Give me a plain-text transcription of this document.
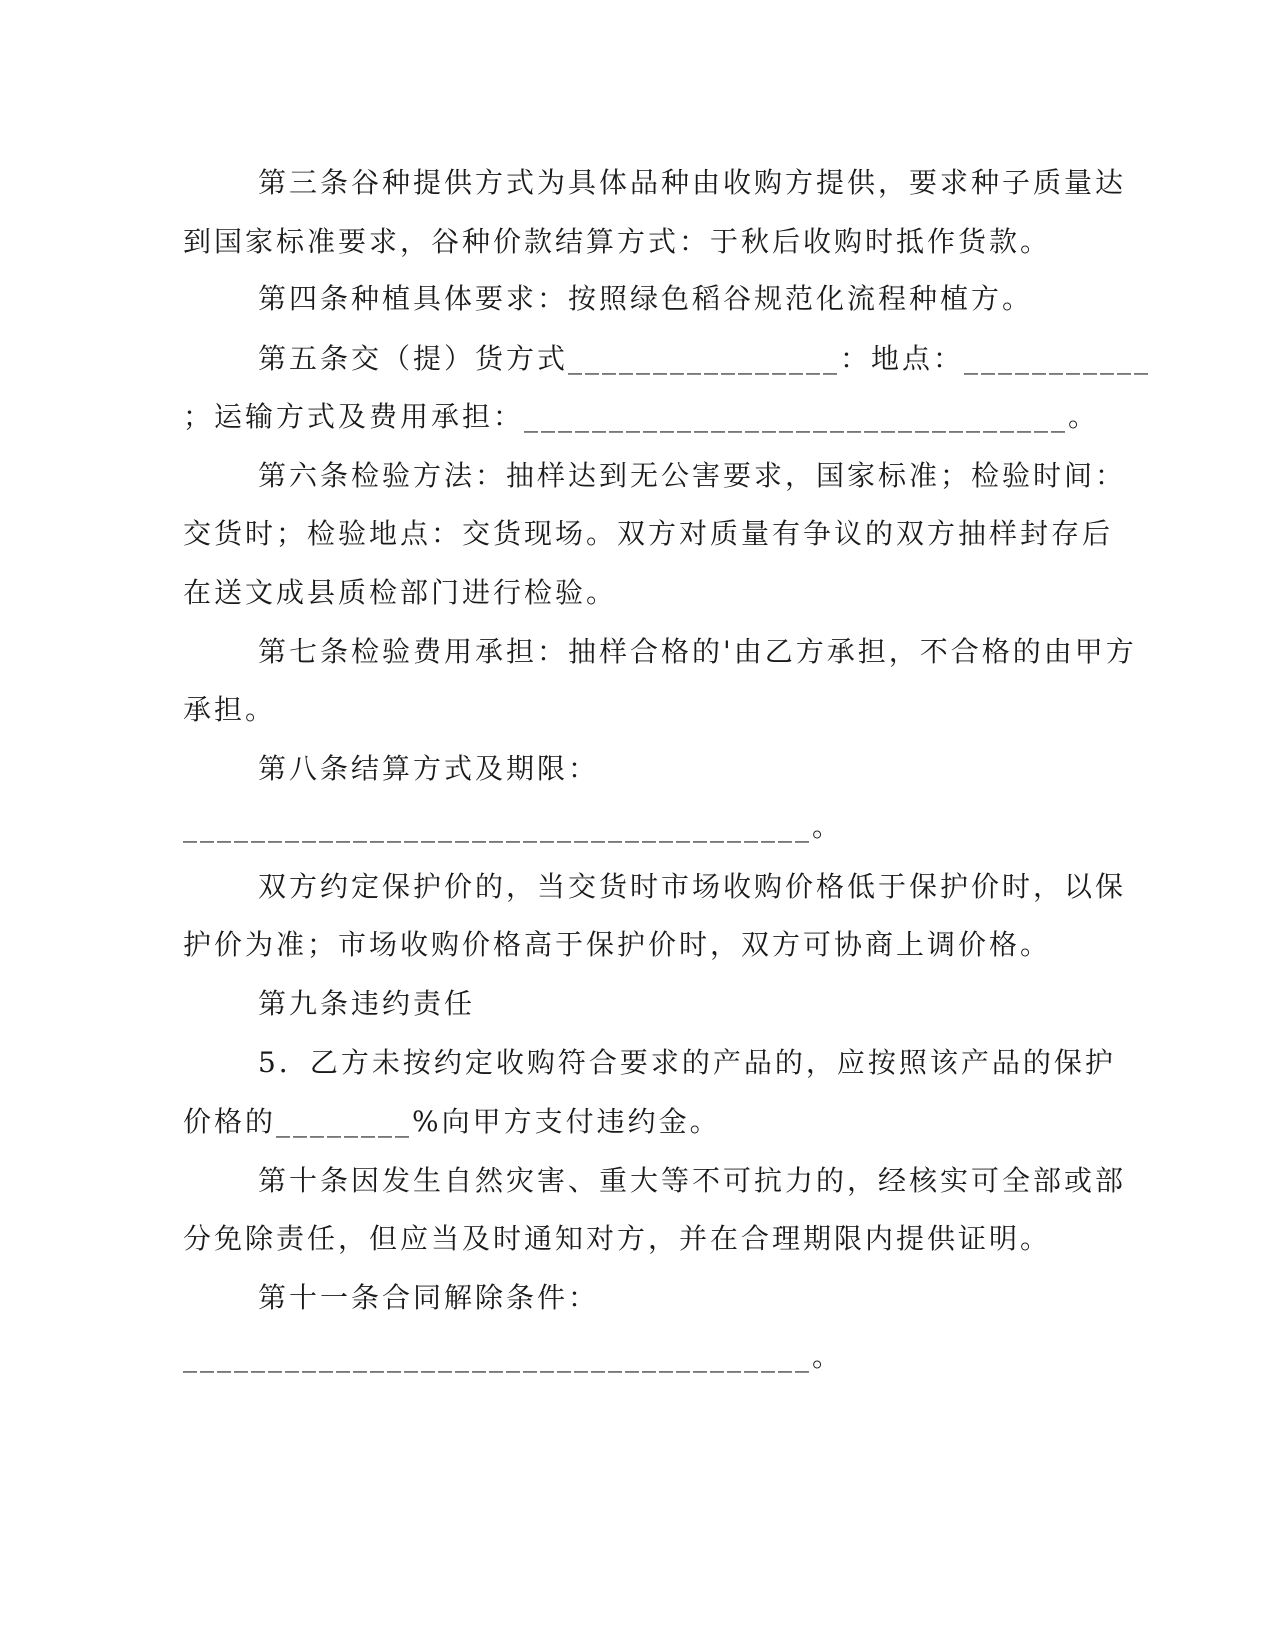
第三条谷种提供方式为具体品种由收购方提供，要求种子质量达

到国家标准要求，谷种价款结算方式：于秋后收购时抵作货款。

第四条种植具体要求：按照绿色稻谷规范化流程种植方。

第五条交（提）货方式________________：地点：___________

；运输方式及费用承担：________________________________。

第六条检验方法：抽样达到无公害要求，国家标准；检验时间：

交货时；检验地点：交货现场。双方对质量有争议的双方抽样封存后

在送文成县质检部门进行检验。

第七条检验费用承担：抽样合格的'由乙方承担，不合格的由甲方

承担。

第八条结算方式及期限：

_____________________________________。

双方约定保护价的，当交货时市场收购价格低于保护价时，以保

护价为准；市场收购价格高于保护价时，双方可协商上调价格。

第九条违约责任

5．乙方未按约定收购符合要求的产品的，应按照该产品的保护

价格的________%向甲方支付违约金。

第十条因发生自然灾害、重大等不可抗力的，经核实可全部或部

分免除责任，但应当及时通知对方，并在合理期限内提供证明。

第十一条合同解除条件：

_____________________________________。
